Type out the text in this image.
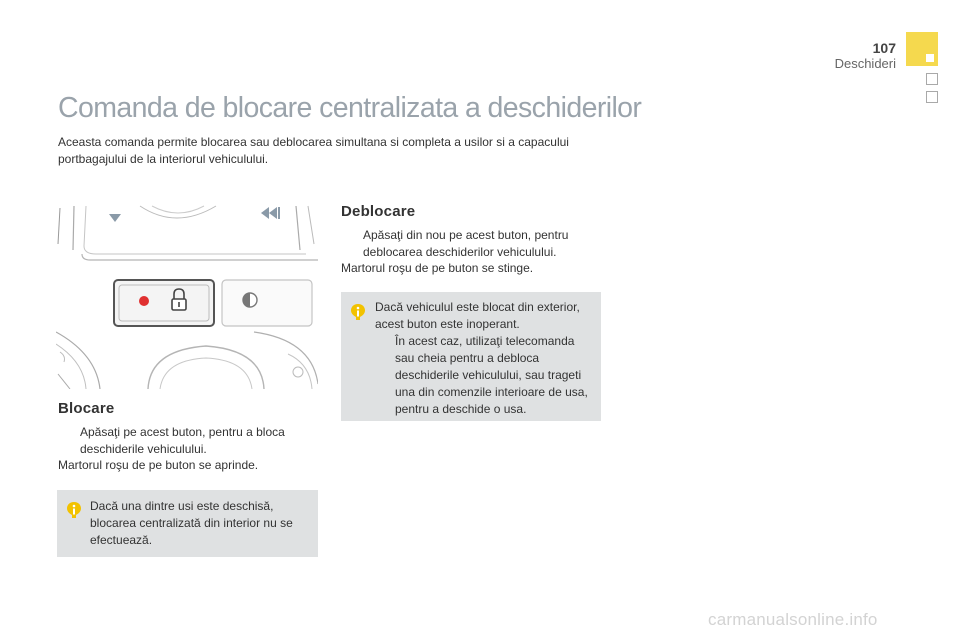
107
Deschideri
Comanda de blocare centralizata a deschiderilor

Aceasta comanda permite blocarea sau deblocarea simultana si completa a usilor si a capacului portbagajului de la interiorul vehiculului.

Blocare
Apăsaţi pe acest buton, pentru a bloca deschiderile vehiculului.

Martorul roşu de pe buton se aprinde.

Dacă una dintre usi este deschisă, blocarea centralizată din interior nu se efectuează.

Deblocare
Apăsaţi din nou pe acest buton, pentru deblocarea deschiderilor vehiculului.

Martorul roşu de pe buton se stinge.

Dacă vehiculul este blocat din exterior, acest buton este inoperant.

În acest caz, utilizaţi telecomanda sau cheia pentru a debloca deschiderile vehiculului, sau trageti una din comenzile interioare de usa, pentru a deschide o usa.
carmanualsonline.info
